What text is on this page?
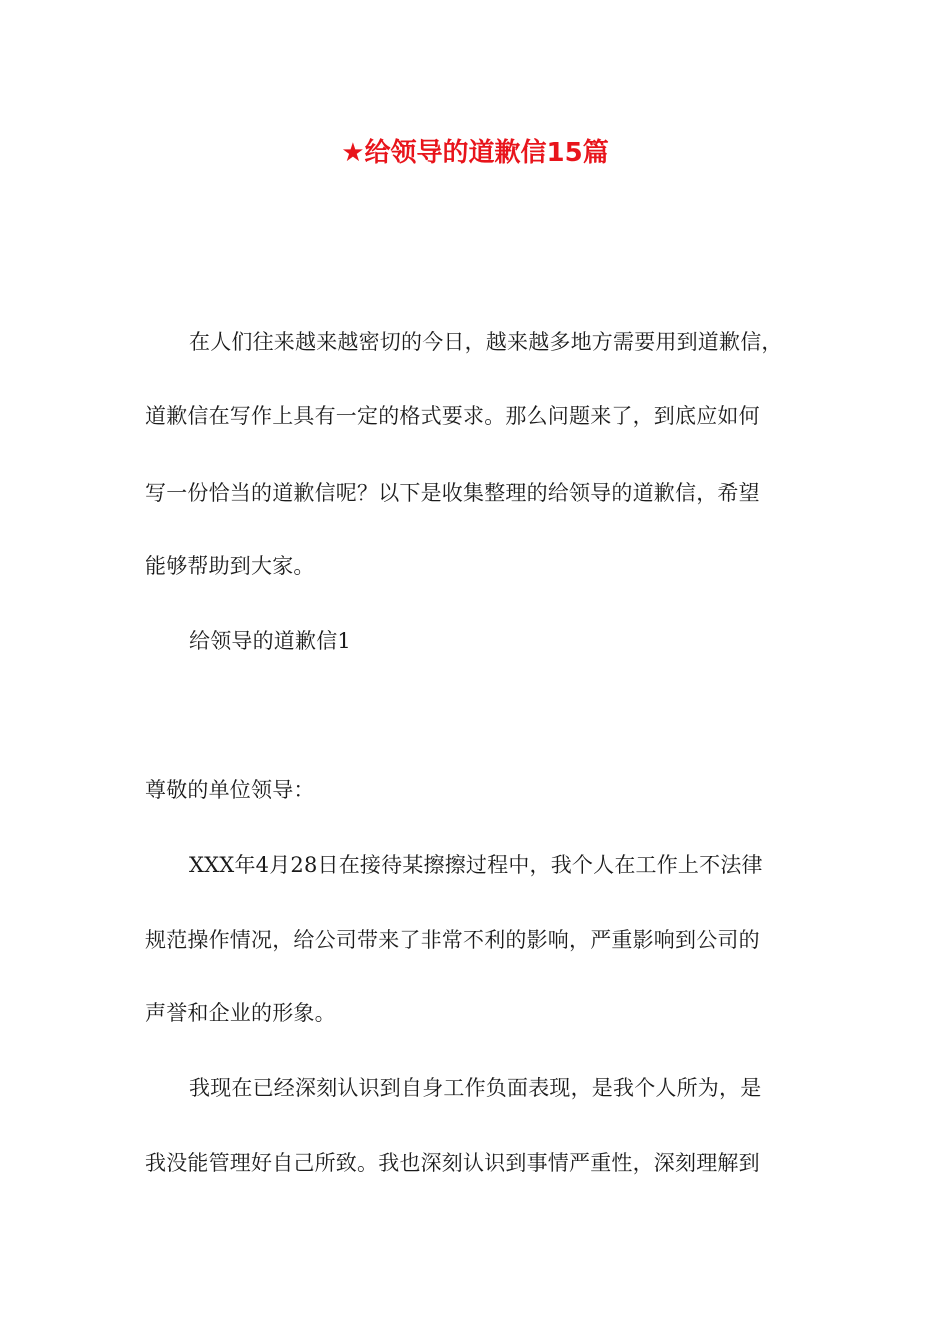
★给领导的道歉信15篇
在人们往来越来越密切的今日，越来越多地方需要用到道歉信，
道歉信在写作上具有一定的格式要求。那么问题来了，到底应如何
写一份恰当的道歉信呢？以下是收集整理的给领导的道歉信，希望
能够帮助到大家。
给领导的道歉信1
尊敬的单位领导：
XXX年4月28日在接待某擦擦过程中，我个人在工作上不法律
规范操作情况，给公司带来了非常不利的影响，严重影响到公司的
声誉和企业的形象。
我现在已经深刻认识到自身工作负面表现，是我个人所为，是
我没能管理好自己所致。我也深刻认识到事情严重性，深刻理解到
